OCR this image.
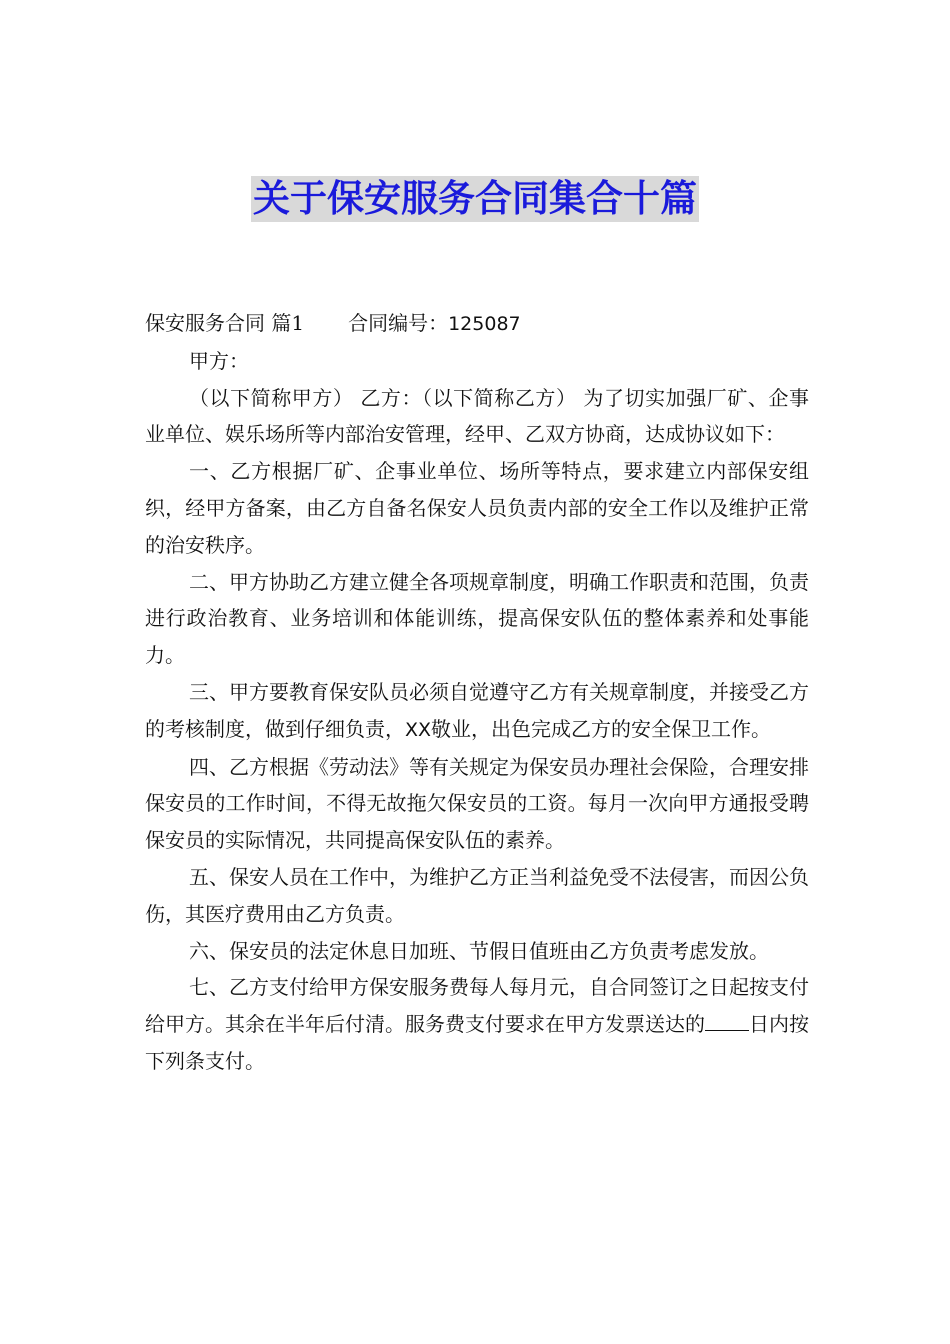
关于保安服务合同集合十篇

保安服务合同 篇1 合同编号：125087

甲方：

（以下简称甲方） 乙方：（以下简称乙方） 为了切实加强厂矿、企事业单位、娱乐场所等内部治安管理，经甲、乙双方协商，达成协议如下：

一、乙方根据厂矿、企事业单位、场所等特点，要求建立内部保安组织，经甲方备案，由乙方自备名保安人员负责内部的安全工作以及维护正常的治安秩序。

二、甲方协助乙方建立健全各项规章制度，明确工作职责和范围，负责进行政治教育、业务培训和体能训练，提高保安队伍的整体素养和处事能力。

三、甲方要教育保安队员必须自觉遵守乙方有关规章制度，并接受乙方的考核制度，做到仔细负责，XX敬业，出色完成乙方的安全保卫工作。

四、乙方根据《劳动法》等有关规定为保安员办理社会保险，合理安排保安员的工作时间，不得无故拖欠保安员的工资。每月一次向甲方通报受聘保安员的实际情况，共同提高保安队伍的素养。

五、保安人员在工作中，为维护乙方正当利益免受不法侵害，而因公负伤，其医疗费用由乙方负责。

六、保安员的法定休息日加班、节假日值班由乙方负责考虑发放。

七、乙方支付给甲方保安服务费每人每月元，自合同签订之日起按支付给甲方。其余在半年后付清。服务费支付要求在甲方发票送达的 日内按下列条支付。
